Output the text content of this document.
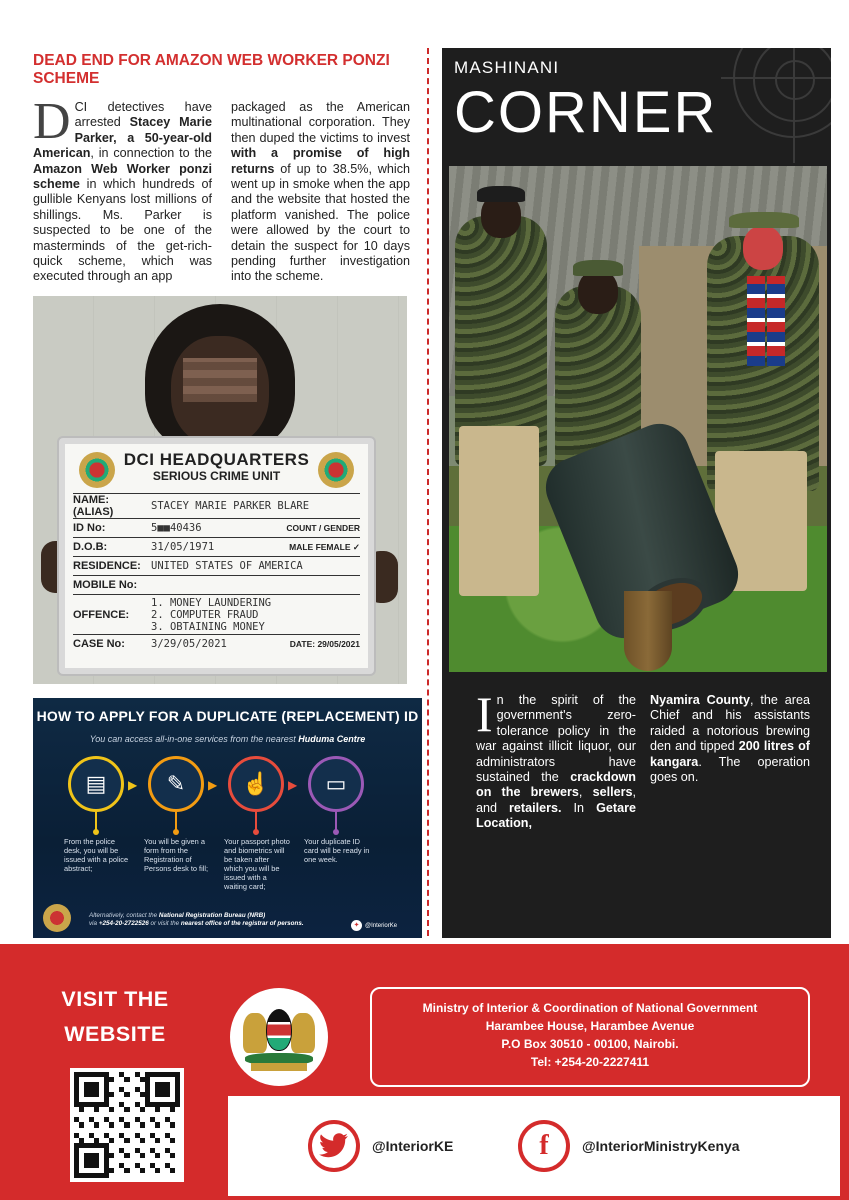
DEAD END FOR AMAZON WEB WORKER PONZI SCHEME
DCI detectives have arrested Stacey Marie Parker, a 50-year-old American, in connection to the Amazon Web Worker ponzi scheme in which hundreds of gullible Kenyans lost millions of shillings. Ms. Parker is suspected to be one of the masterminds of the get-rich-quick scheme, which was executed through an app
packaged as the American multinational corporation. They then duped the victims to invest with a promise of high returns of up to 38.5%, which went up in smoke when the app and the website that hosted the platform vanished. The police were allowed by the court to detain the suspect for 10 days pending further investigation into the scheme.
DCI HEADQUARTERS
SERIOUS CRIME UNIT
NAME:
(ALIAS)	STACEY MARIE PARKER BLARE
ID No:	5■■40436	COUNT / GENDER
D.O.B:	31/05/1971	MALE FEMALE ✓
RESIDENCE: UNITED STATES OF AMERICA
MOBILE No:
OFFENCE:
1. MONEY LAUNDERING
2. COMPUTER FRAUD
3. OBTAINING MONEY
CASE No:	3/29/05/2021	DATE: 29/05/2021
HOW TO APPLY FOR A DUPLICATE (REPLACEMENT) ID
You can access all-in-one services from the nearest Huduma Centre
▤
From the police desk, you will be issued with a police abstract;
▶	✎
You will be given a form from the Registration of Persons desk to fill;
▶	☝
Your passport photo and biometrics will be taken after which you will be issued with a waiting card;
▶	▭
Your duplicate ID card will be ready in one week.
Alternatively, contact the National Registration Bureau (NRB)
via +254-20-2722526 or visit the nearest office of the registrar of persons.	✦ @InteriorKe
MASHINANI
CORNER
In the spirit of the government's zero-tolerance policy in the war against illicit liquor, our administrators have sustained the crackdown on the brewers, sellers, and retailers. In Getare Location,
Nyamira County, the area Chief and his assistants raided a notorious brewing den and tipped 200 litres of kangara. The operation goes on.
VISIT THE
WEBSITE
Ministry of Interior & Coordination of National Government
Harambee House, Harambee Avenue
P.O Box 30510 - 00100, Nairobi.
Tel: +254-20-2227411
@InteriorKE	f	@InteriorMinistryKenya
